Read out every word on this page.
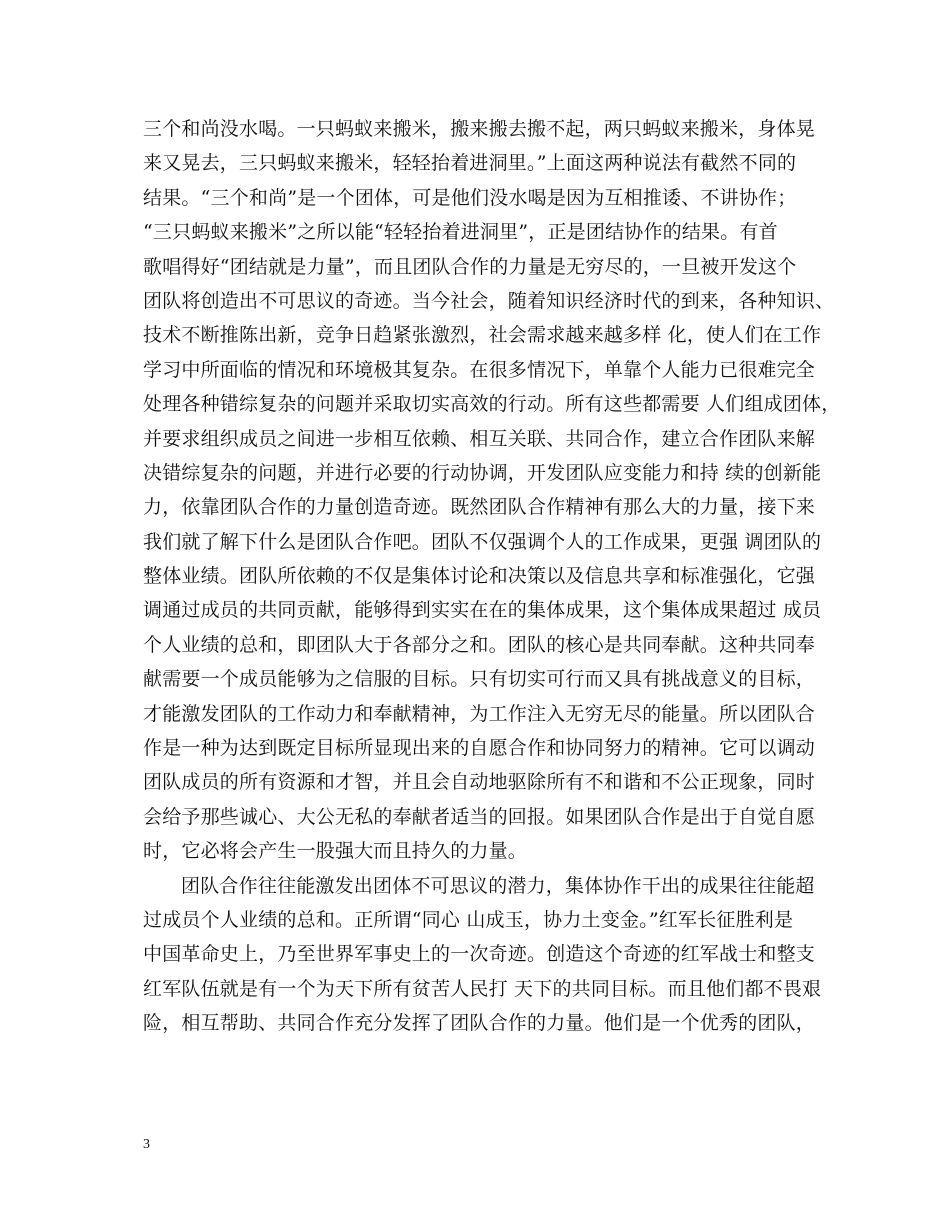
三个和尚没水喝。一只蚂蚁来搬米，搬来搬去搬不起，两只蚂蚁来搬米，身体晃
来又晃去，三只蚂蚁来搬米，轻轻抬着进洞里。”上面这两种说法有截然不同的
结果。“三个和尚”是一个团体，可是他们没水喝是因为互相推诿、不讲协作；
“三只蚂蚁来搬米”之所以能“轻轻抬着进洞里”，正是团结协作的结果。有首
歌唱得好“团结就是力量”，而且团队合作的力量是无穷尽的，一旦被开发这个
团队将创造出不可思议的奇迹。当今社会，随着知识经济时代的到来，各种知识、
技术不断推陈出新，竞争日趋紧张激烈，社会需求越来越多样 化，使人们在工作
学习中所面临的情况和环境极其复杂。在很多情况下，单靠个人能力已很难完全
处理各种错综复杂的问题并采取切实高效的行动。所有这些都需要 人们组成团体，
并要求组织成员之间进一步相互依赖、相互关联、共同合作，建立合作团队来解
决错综复杂的问题，并进行必要的行动协调，开发团队应变能力和持 续的创新能
力，依靠团队合作的力量创造奇迹。既然团队合作精神有那么大的力量，接下来
我们就了解下什么是团队合作吧。团队不仅强调个人的工作成果，更强 调团队的
整体业绩。团队所依赖的不仅是集体讨论和决策以及信息共享和标准强化，它强
调通过成员的共同贡献，能够得到实实在在的集体成果，这个集体成果超过 成员
个人业绩的总和，即团队大于各部分之和。团队的核心是共同奉献。这种共同奉
献需要一个成员能够为之信服的目标。只有切实可行而又具有挑战意义的目标，
才能激发团队的工作动力和奉献精神，为工作注入无穷无尽的能量。所以团队合
作是一种为达到既定目标所显现出来的自愿合作和协同努力的精神。它可以调动
团队成员的所有资源和才智，并且会自动地驱除所有不和谐和不公正现象，同时
会给予那些诚心、大公无私的奉献者适当的回报。如果团队合作是出于自觉自愿
时，它必将会产生一股强大而且持久的力量。
团队合作往往能激发出团体不可思议的潜力，集体协作干出的成果往往能超
过成员个人业绩的总和。正所谓“同心 山成玉，协力土变金。”红军长征胜利是
中国革命史上，乃至世界军事史上的一次奇迹。创造这个奇迹的红军战士和整支
红军队伍就是有一个为天下所有贫苦人民打 天下的共同目标。而且他们都不畏艰
险，相互帮助、共同合作充分发挥了团队合作的力量。他们是一个优秀的团队，
3
